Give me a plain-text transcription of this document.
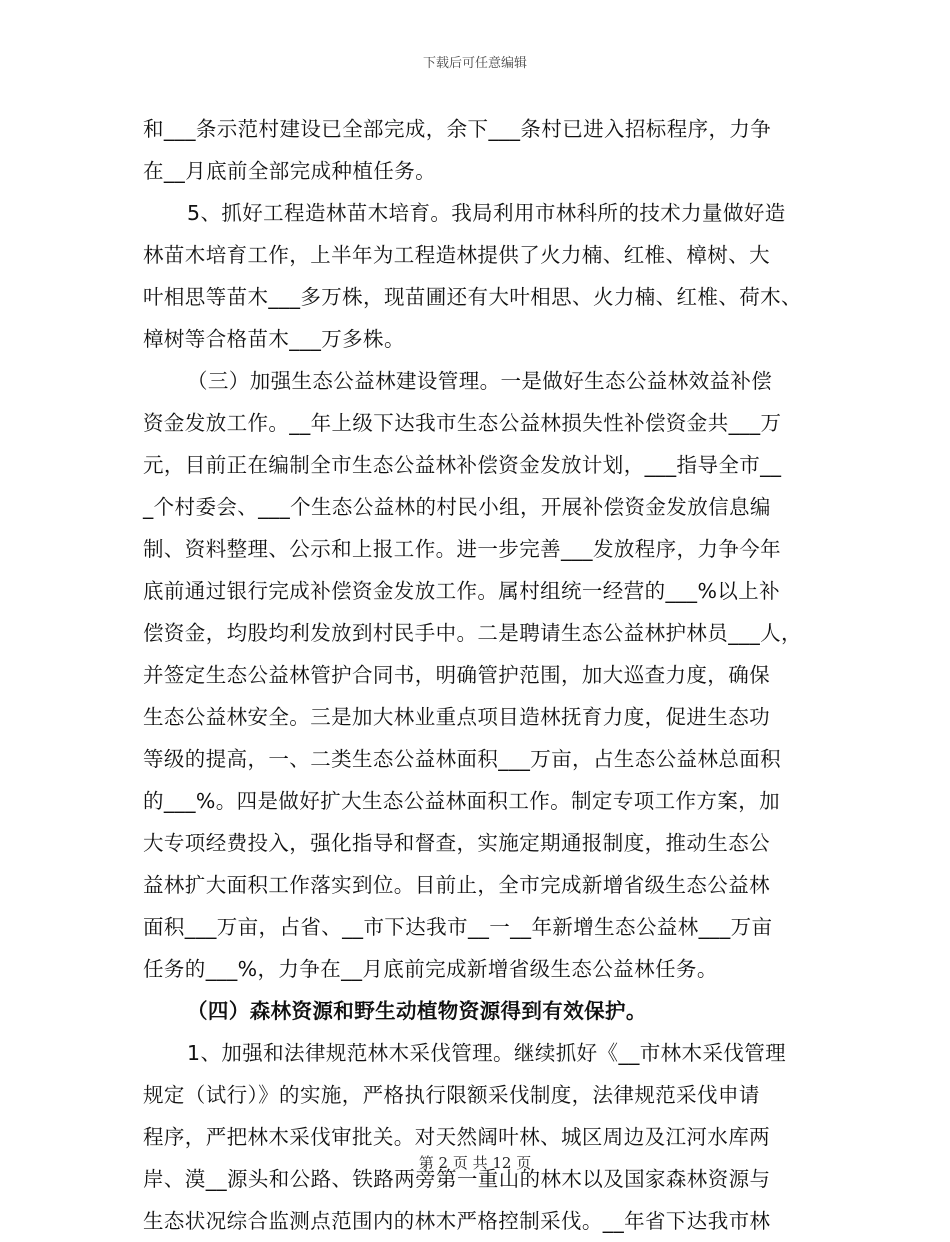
下载后可任意编辑
和___条示范村建设已全部完成，余下___条村已进入招标程序，力争
在__月底前全部完成种植任务。
5、抓好工程造林苗木培育。我局利用市林科所的技术力量做好造
林苗木培育工作，上半年为工程造林提供了火力楠、红椎、樟树、大
叶相思等苗木___多万株，现苗圃还有大叶相思、火力楠、红椎、荷木、
樟树等合格苗木___万多株。
（三）加强生态公益林建设管理。一是做好生态公益林效益补偿
资金发放工作。__年上级下达我市生态公益林损失性补偿资金共___万
元，目前正在编制全市生态公益林补偿资金发放计划，___指导全市__
_个村委会、___个生态公益林的村民小组，开展补偿资金发放信息编
制、资料整理、公示和上报工作。进一步完善___发放程序，力争今年
底前通过银行完成补偿资金发放工作。属村组统一经营的___%以上补
偿资金，均股均利发放到村民手中。二是聘请生态公益林护林员___人，
并签定生态公益林管护合同书，明确管护范围，加大巡查力度，确保
生态公益林安全。三是加大林业重点项目造林抚育力度，促进生态功
等级的提高，一、二类生态公益林面积___万亩，占生态公益林总面积
的___%。四是做好扩大生态公益林面积工作。制定专项工作方案，加
大专项经费投入，强化指导和督查，实施定期通报制度，推动生态公
益林扩大面积工作落实到位。目前止，全市完成新增省级生态公益林
面积___万亩，占省、__市下达我市__一__年新增生态公益林___万亩
任务的___%，力争在__月底前完成新增省级生态公益林任务。
（四）森林资源和野生动植物资源得到有效保护。
1、加强和法律规范林木采伐管理。继续抓好《__市林木采伐管理
规定（试行）》的实施，严格执行限额采伐制度，法律规范采伐申请
程序，严把林木采伐审批关。对天然阔叶林、城区周边及江河水库两
岸、漠__源头和公路、铁路两旁第一重山的林木以及国家森林资源与
生态状况综合监测点范围内的林木严格控制采伐。__年省下达我市林
第 2 页 共 12 页
